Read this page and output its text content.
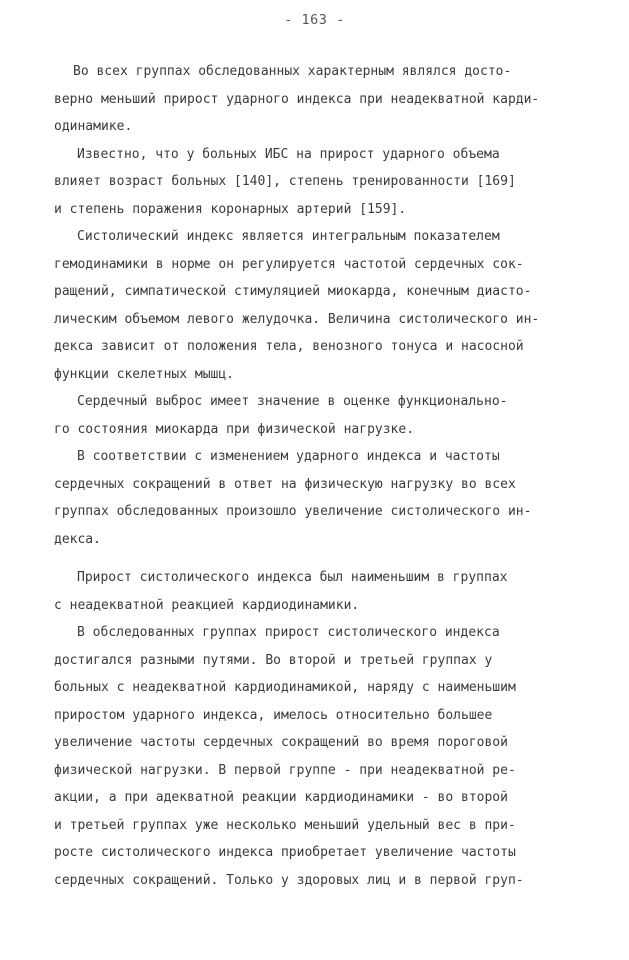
- 163 -
Во всех группах обследованных характерным являлся досто-
верно меньший прирост ударного индекса при неадекватной карди-
одинамике.
Известно, что у больных ИБС на прирост ударного объема
влияет возраст больных [140], степень тренированности [169]
и степень поражения коронарных артерий [159].
Систолический индекс является интегральным показателем
гемодинамики в норме он регулируется частотой сердечных сок-
ращений, симпатической стимуляцией миокарда, конечным диасто-
лическим объемом левого желудочка. Величина систолического ин-
декса зависит от положения тела, венозного тонуса и насосной
функции скелетных мышц.
Сердечный выброс имеет значение в оценке функционально-
го состояния миокарда при физической нагрузке.
В соответствии с изменением ударного индекса и частоты
сердечных сокращений в ответ на физическую нагрузку во всех
группах обследованных произошло увеличение систолического ин-
декса.
Прирост систолического индекса был наименьшим в группах
с неадекватной реакцией кардиодинамики.
В обследованных группах прирост систолического индекса
достигался разными путями. Во второй и третьей группах у
больных с неадекватной кардиодинамикой, наряду с наименьшим
приростом ударного индекса, имелось относительно большее
увеличение частоты сердечных сокращений во время пороговой
физической нагрузки. В первой группе - при неадекватной ре-
акции, а при адекватной реакции кардиодинамики - во второй
и третьей группах уже несколько меньший удельный вес в при-
росте систолического индекса приобретает увеличение частоты
сердечных сокращений. Только у здоровых лиц и в первой груп-
